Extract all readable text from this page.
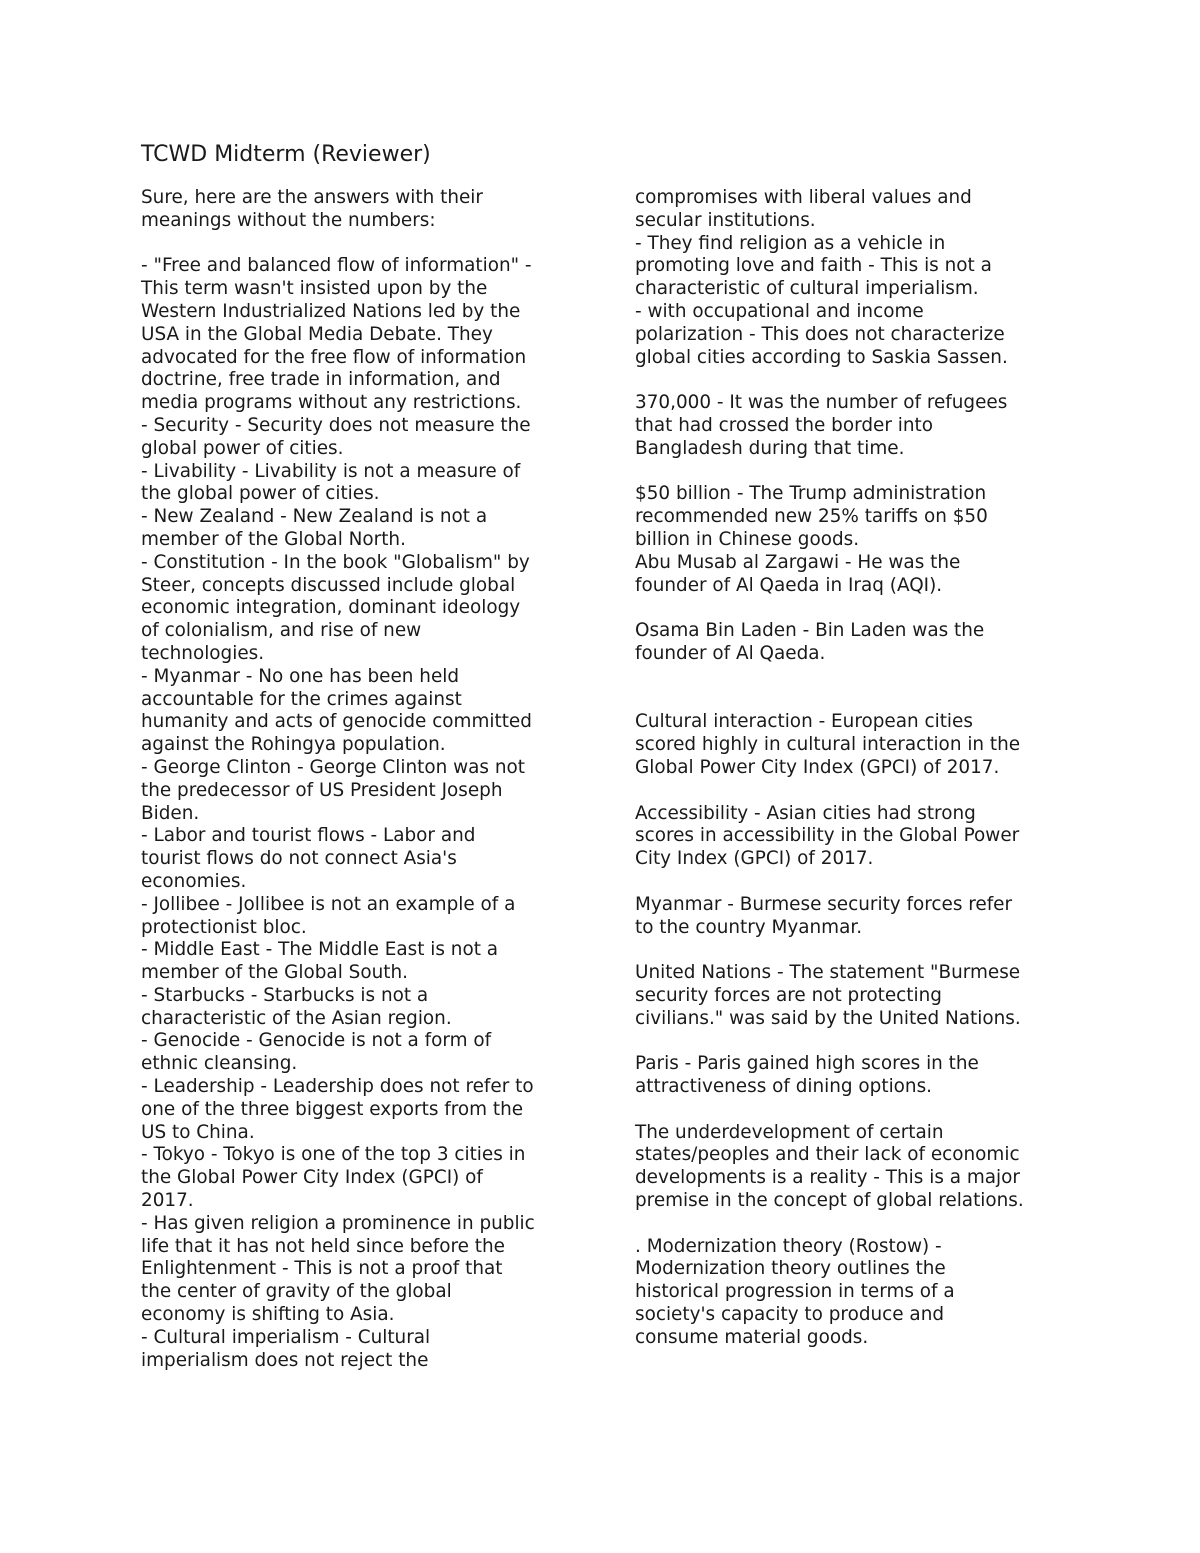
TCWD Midterm (Reviewer)
Sure, here are the answers with their
meanings without the numbers:
- "Free and balanced flow of information" -
This term wasn't insisted upon by the
Western Industrialized Nations led by the
USA in the Global Media Debate. They
advocated for the free flow of information
doctrine, free trade in information, and
media programs without any restrictions.
- Security - Security does not measure the
global power of cities.
- Livability - Livability is not a measure of
the global power of cities.
- New Zealand - New Zealand is not a
member of the Global North.
- Constitution - In the book "Globalism" by
Steer, concepts discussed include global
economic integration, dominant ideology
of colonialism, and rise of new
technologies.
- Myanmar - No one has been held
accountable for the crimes against
humanity and acts of genocide committed
against the Rohingya population.
- George Clinton - George Clinton was not
the predecessor of US President Joseph
Biden.
- Labor and tourist flows - Labor and
tourist flows do not connect Asia's
economies.
- Jollibee - Jollibee is not an example of a
protectionist bloc.
- Middle East - The Middle East is not a
member of the Global South.
- Starbucks - Starbucks is not a
characteristic of the Asian region.
- Genocide - Genocide is not a form of
ethnic cleansing.
- Leadership - Leadership does not refer to
one of the three biggest exports from the
US to China.
- Tokyo - Tokyo is one of the top 3 cities in
the Global Power City Index (GPCI) of
2017.
- Has given religion a prominence in public
life that it has not held since before the
Enlightenment - This is not a proof that
the center of gravity of the global
economy is shifting to Asia.
- Cultural imperialism - Cultural
imperialism does not reject the
compromises with liberal values and
secular institutions.
- They find religion as a vehicle in
promoting love and faith - This is not a
characteristic of cultural imperialism.
- with occupational and income
polarization - This does not characterize
global cities according to Saskia Sassen.
370,000 - It was the number of refugees
that had crossed the border into
Bangladesh during that time.
$50 billion - The Trump administration
recommended new 25% tariffs on $50
billion in Chinese goods.
Abu Musab al Zargawi - He was the
founder of Al Qaeda in Iraq (AQI).
Osama Bin Laden - Bin Laden was the
founder of Al Qaeda.
Cultural interaction - European cities
scored highly in cultural interaction in the
Global Power City Index (GPCI) of 2017.
Accessibility - Asian cities had strong
scores in accessibility in the Global Power
City Index (GPCI) of 2017.
Myanmar - Burmese security forces refer
to the country Myanmar.
United Nations - The statement "Burmese
security forces are not protecting
civilians." was said by the United Nations.
Paris - Paris gained high scores in the
attractiveness of dining options.
The underdevelopment of certain
states/peoples and their lack of economic
developments is a reality - This is a major
premise in the concept of global relations.
. Modernization theory (Rostow) -
Modernization theory outlines the
historical progression in terms of a
society's capacity to produce and
consume material goods.
